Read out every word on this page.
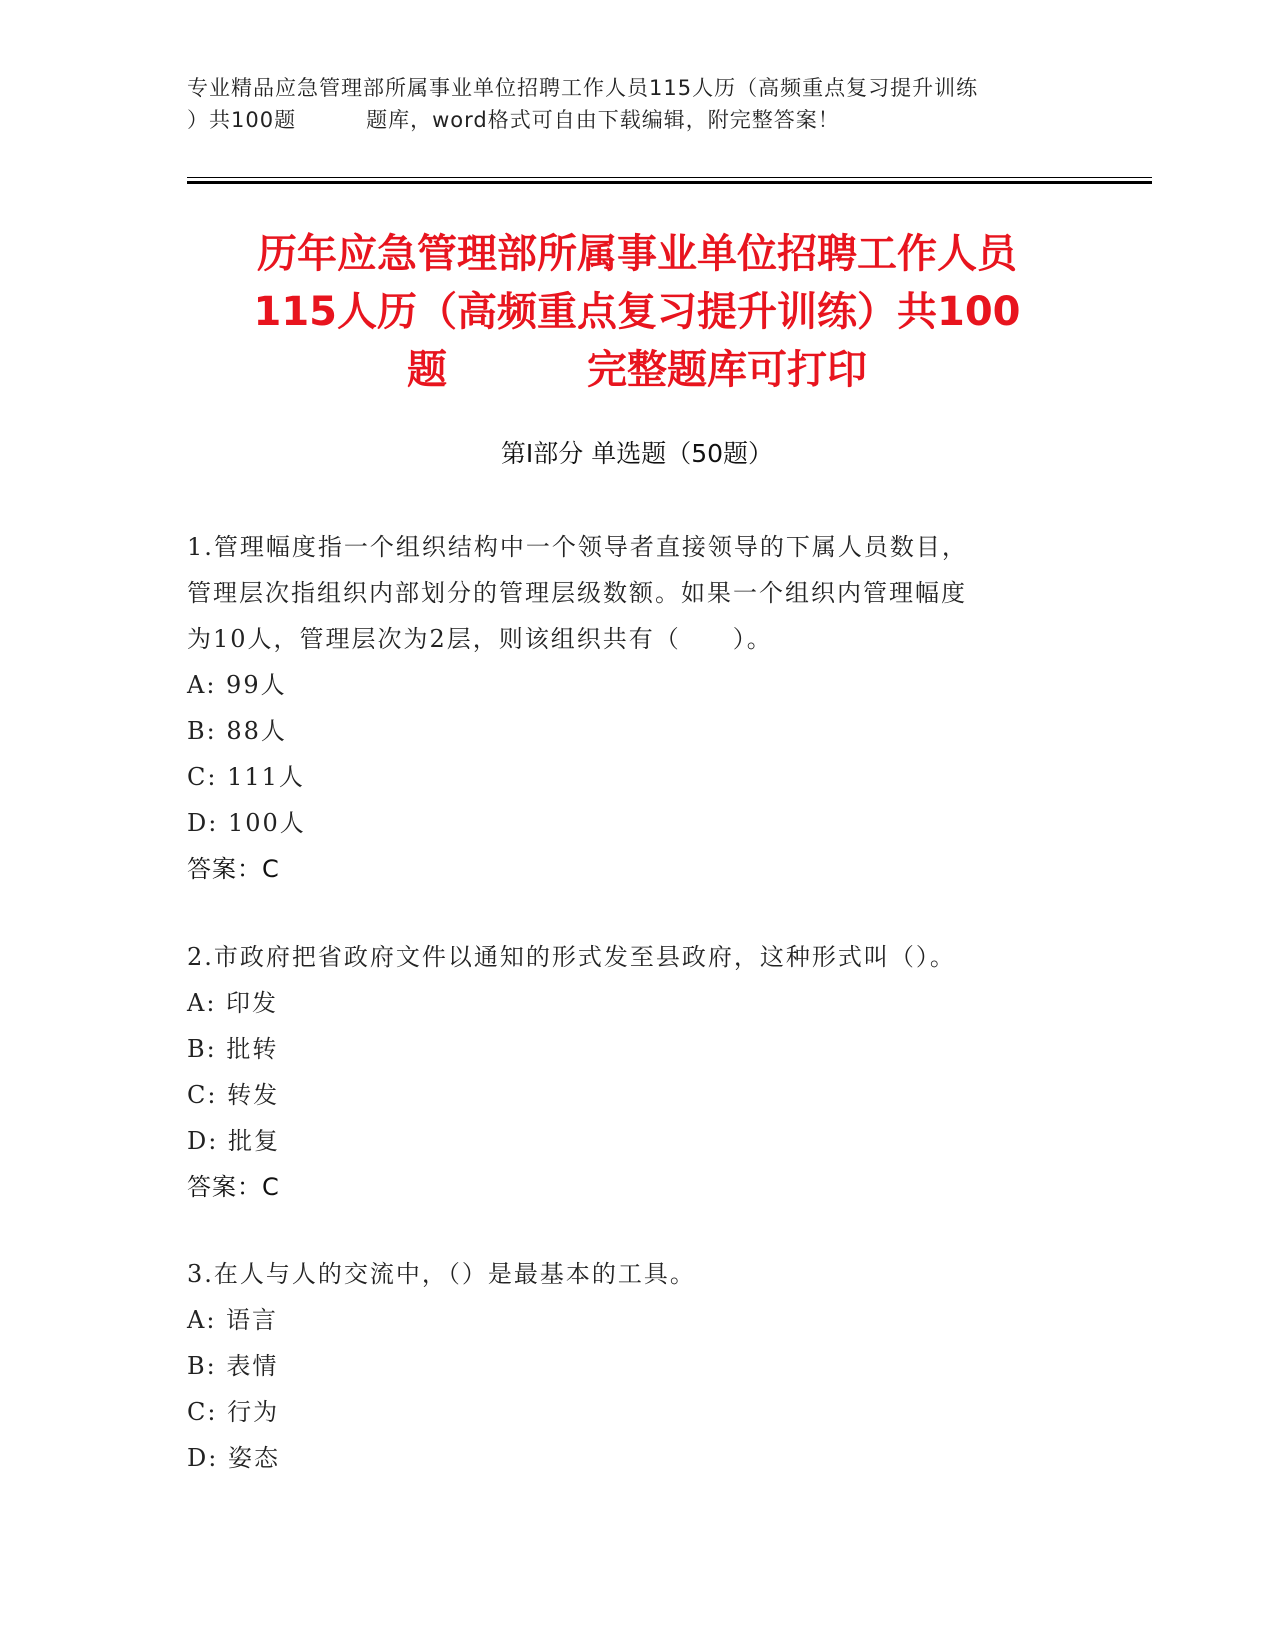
专业精品应急管理部所属事业单位招聘工作人员115人历（高频重点复习提升训练
）共100题	题库，word格式可自由下载编辑，附完整答案！
历年应急管理部所属事业单位招聘工作人员
115人历（高频重点复习提升训练）共100
题	完整题库可打印
第Ⅰ部分 单选题（50题）
1.管理幅度指一个组织结构中一个领导者直接领导的下属人员数目，
管理层次指组织内部划分的管理层级数额。如果一个组织内管理幅度
为10人，管理层次为2层，则该组织共有（　　）。
A: 99人
B: 88人
C: 111人
D: 100人
答案：C
2.市政府把省政府文件以通知的形式发至县政府，这种形式叫（）。
A: 印发
B: 批转
C: 转发
D: 批复
答案：C
3.在人与人的交流中，（）是最基本的工具。
A: 语言
B: 表情
C: 行为
D: 姿态
